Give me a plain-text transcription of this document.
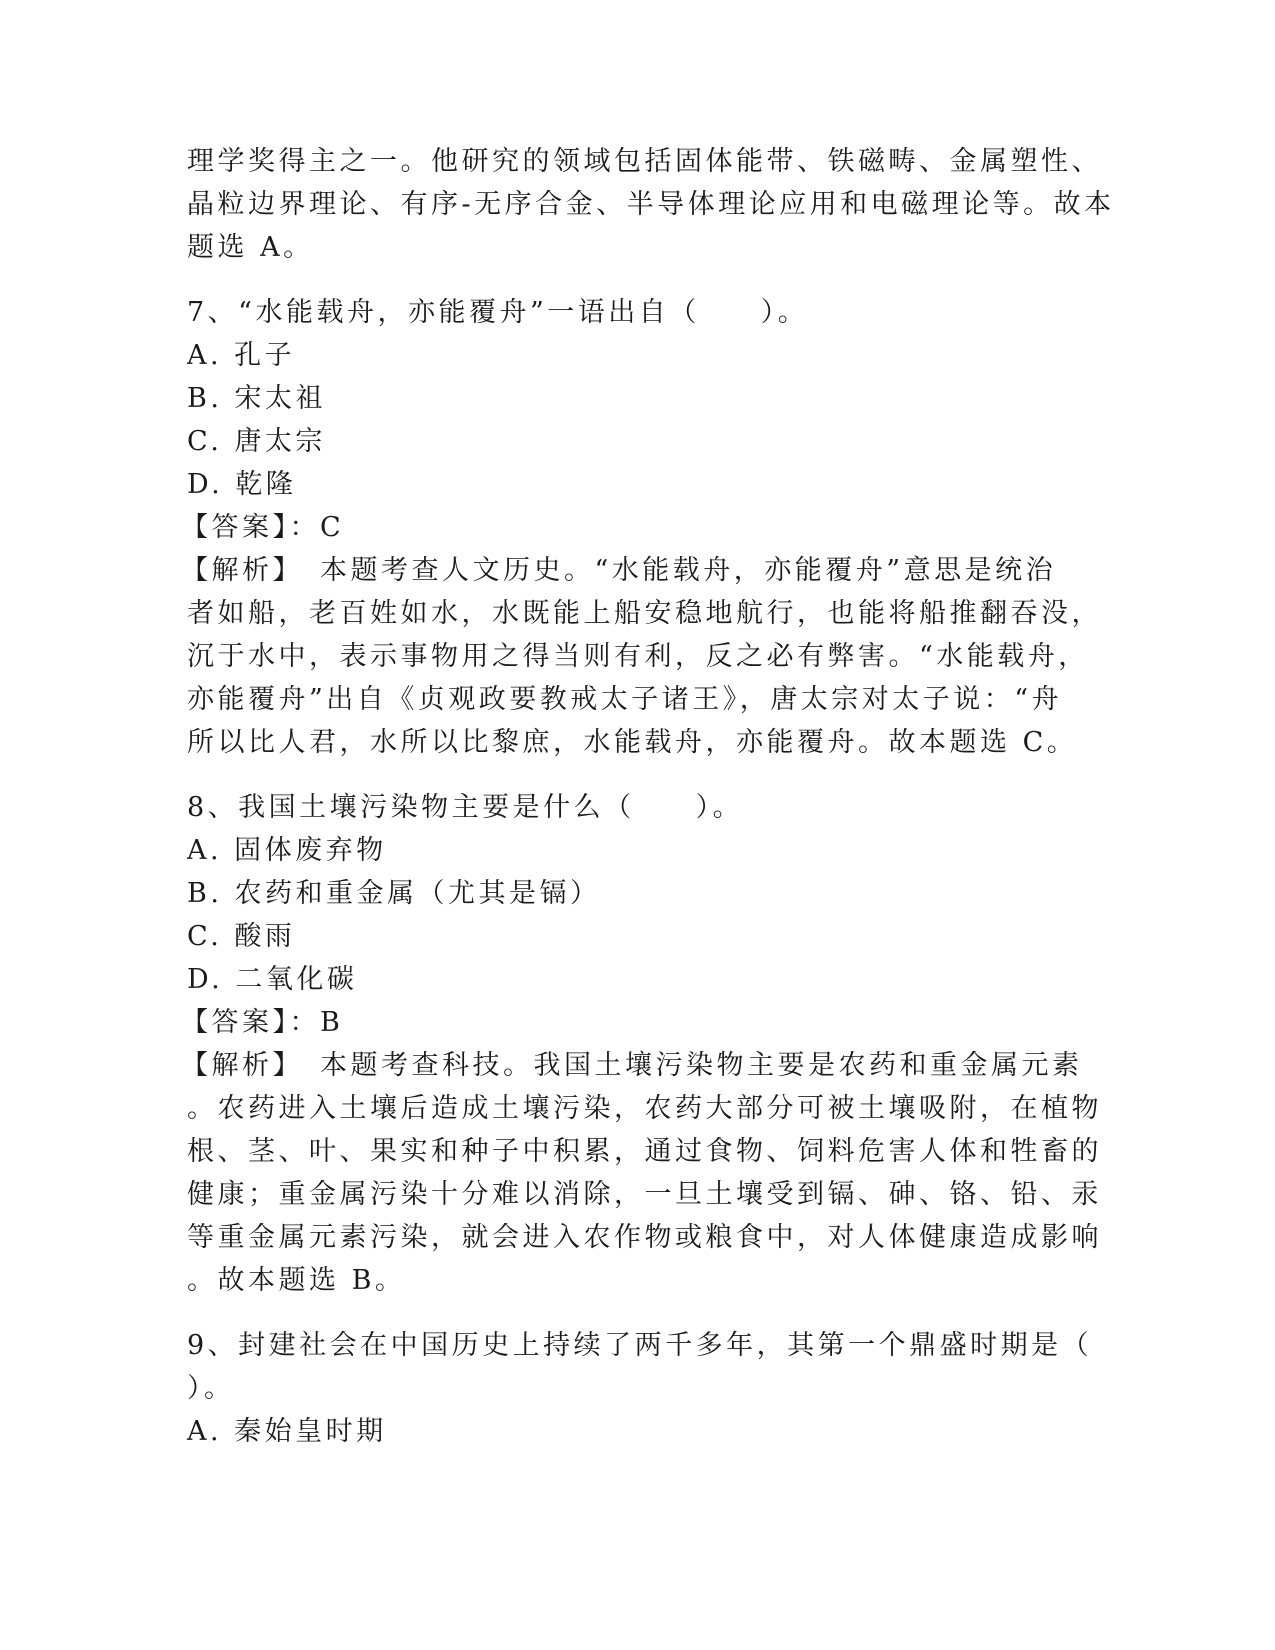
理学奖得主之一。他研究的领域包括固体能带、铁磁畴、金属塑性、
晶粒边界理论、有序-无序合金、半导体理论应用和电磁理论等。故本
题选 A。
7、“水能载舟，亦能覆舟”一语出自（　　）。
A. 孔子
B. 宋太祖
C. 唐太宗
D. 乾隆
【答案】：C
【解析】　本题考查人文历史。“水能载舟，亦能覆舟”意思是统治
者如船，老百姓如水，水既能上船安稳地航行，也能将船推翻吞没，
沉于水中，表示事物用之得当则有利，反之必有弊害。“水能载舟，
亦能覆舟”出自《贞观政要教戒太子诸王》，唐太宗对太子说：“舟
所以比人君，水所以比黎庶，水能载舟，亦能覆舟。故本题选 C。
8、我国土壤污染物主要是什么（　　）。
A. 固体废弃物
B. 农药和重金属（尤其是镉）
C. 酸雨
D. 二氧化碳
【答案】：B
【解析】　本题考查科技。我国土壤污染物主要是农药和重金属元素
。农药进入土壤后造成土壤污染，农药大部分可被土壤吸附，在植物
根、茎、叶、果实和种子中积累，通过食物、饲料危害人体和牲畜的
健康；重金属污染十分难以消除，一旦土壤受到镉、砷、铬、铅、汞
等重金属元素污染，就会进入农作物或粮食中，对人体健康造成影响
。故本题选 B。
9、封建社会在中国历史上持续了两千多年，其第一个鼎盛时期是（
）。
A. 秦始皇时期
